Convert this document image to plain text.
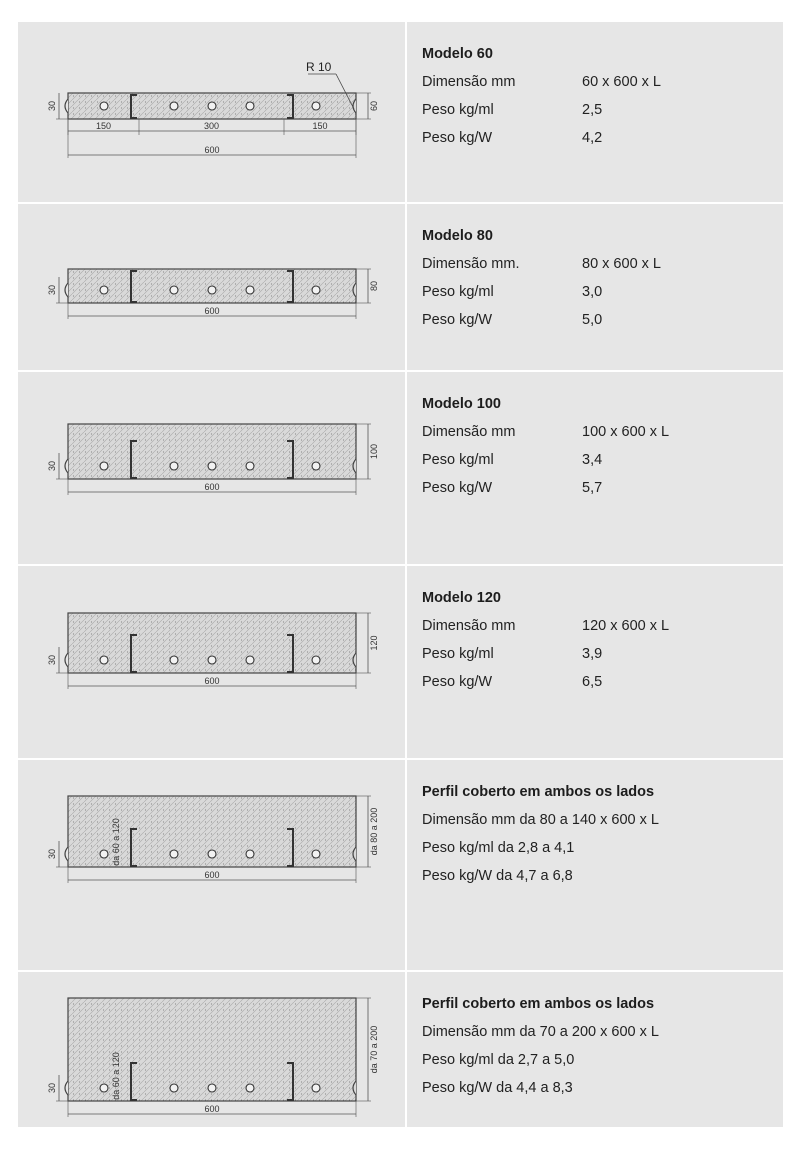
30	60
R 10
150	300	150
600
Modelo 60
Dimensão mm	60 x 600 x L
Peso kg/ml	2,5
Peso kg/W	4,2
30	80
600
Modelo 80
Dimensão mm.	80 x 600 x L
Peso kg/ml	3,0
Peso kg/W	5,0
30
100
600
Modelo 100
Dimensão mm	100 x 600 x L
Peso kg/ml	3,4
Peso kg/W	5,7
30
120
600
Modelo 120
Dimensão mm	120 x 600 x L
Peso kg/ml	3,9
Peso kg/W	6,5
30	da 80 a 200
da 60 a 120
600
Perfil coberto em ambos os lados
Dimensão mm da 80 a 140 x 600 x L
Peso kg/ml da 2,8 a 4,1
Peso kg/W da 4,7 a 6,8
30
da 70 a 200
da 60 a 120
600
Perfil coberto em ambos os lados
Dimensão mm da 70 a 200 x 600 x L
Peso kg/ml da 2,7 a 5,0
Peso kg/W da 4,4 a 8,3
